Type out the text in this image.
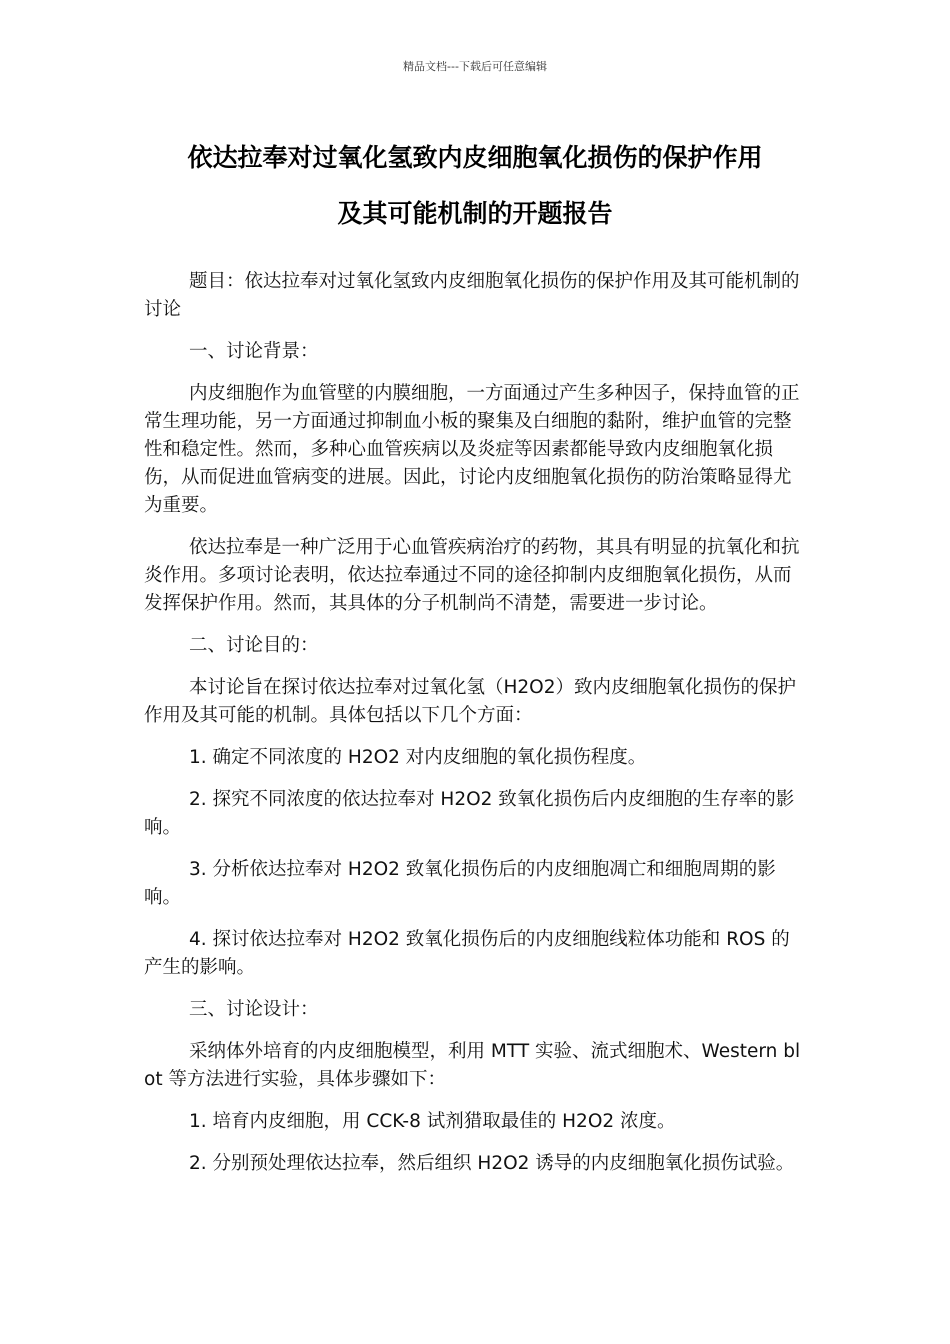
精品文档---下载后可任意编辑
依达拉奉对过氧化氢致内皮细胞氧化损伤的保护作用
及其可能机制的开题报告

题目：依达拉奉对过氧化氢致内皮细胞氧化损伤的保护作用及其可能机制的讨论

一、讨论背景：

内皮细胞作为血管壁的内膜细胞，一方面通过产生多种因子，保持血管的正常生理功能，另一方面通过抑制血小板的聚集及白细胞的黏附，维护血管的完整性和稳定性。然而，多种心血管疾病以及炎症等因素都能导致内皮细胞氧化损伤，从而促进血管病变的进展。因此，讨论内皮细胞氧化损伤的防治策略显得尤为重要。

依达拉奉是一种广泛用于心血管疾病治疗的药物，其具有明显的抗氧化和抗炎作用。多项讨论表明，依达拉奉通过不同的途径抑制内皮细胞氧化损伤，从而发挥保护作用。然而，其具体的分子机制尚不清楚，需要进一步讨论。

二、讨论目的：

本讨论旨在探讨依达拉奉对过氧化氢（H2O2）致内皮细胞氧化损伤的保护作用及其可能的机制。具体包括以下几个方面：

1. 确定不同浓度的 H2O2 对内皮细胞的氧化损伤程度。

2. 探究不同浓度的依达拉奉对 H2O2 致氧化损伤后内皮细胞的生存率的影响。

3. 分析依达拉奉对 H2O2 致氧化损伤后的内皮细胞凋亡和细胞周期的影响。

4. 探讨依达拉奉对 H2O2 致氧化损伤后的内皮细胞线粒体功能和 ROS 的产生的影响。

三、讨论设计：

采纳体外培育的内皮细胞模型，利用 MTT 实验、流式细胞术、Western blot 等方法进行实验，具体步骤如下：

1. 培育内皮细胞，用 CCK-8 试剂猎取最佳的 H2O2 浓度。

2. 分别预处理依达拉奉，然后组织 H2O2 诱导的内皮细胞氧化损伤试验。
